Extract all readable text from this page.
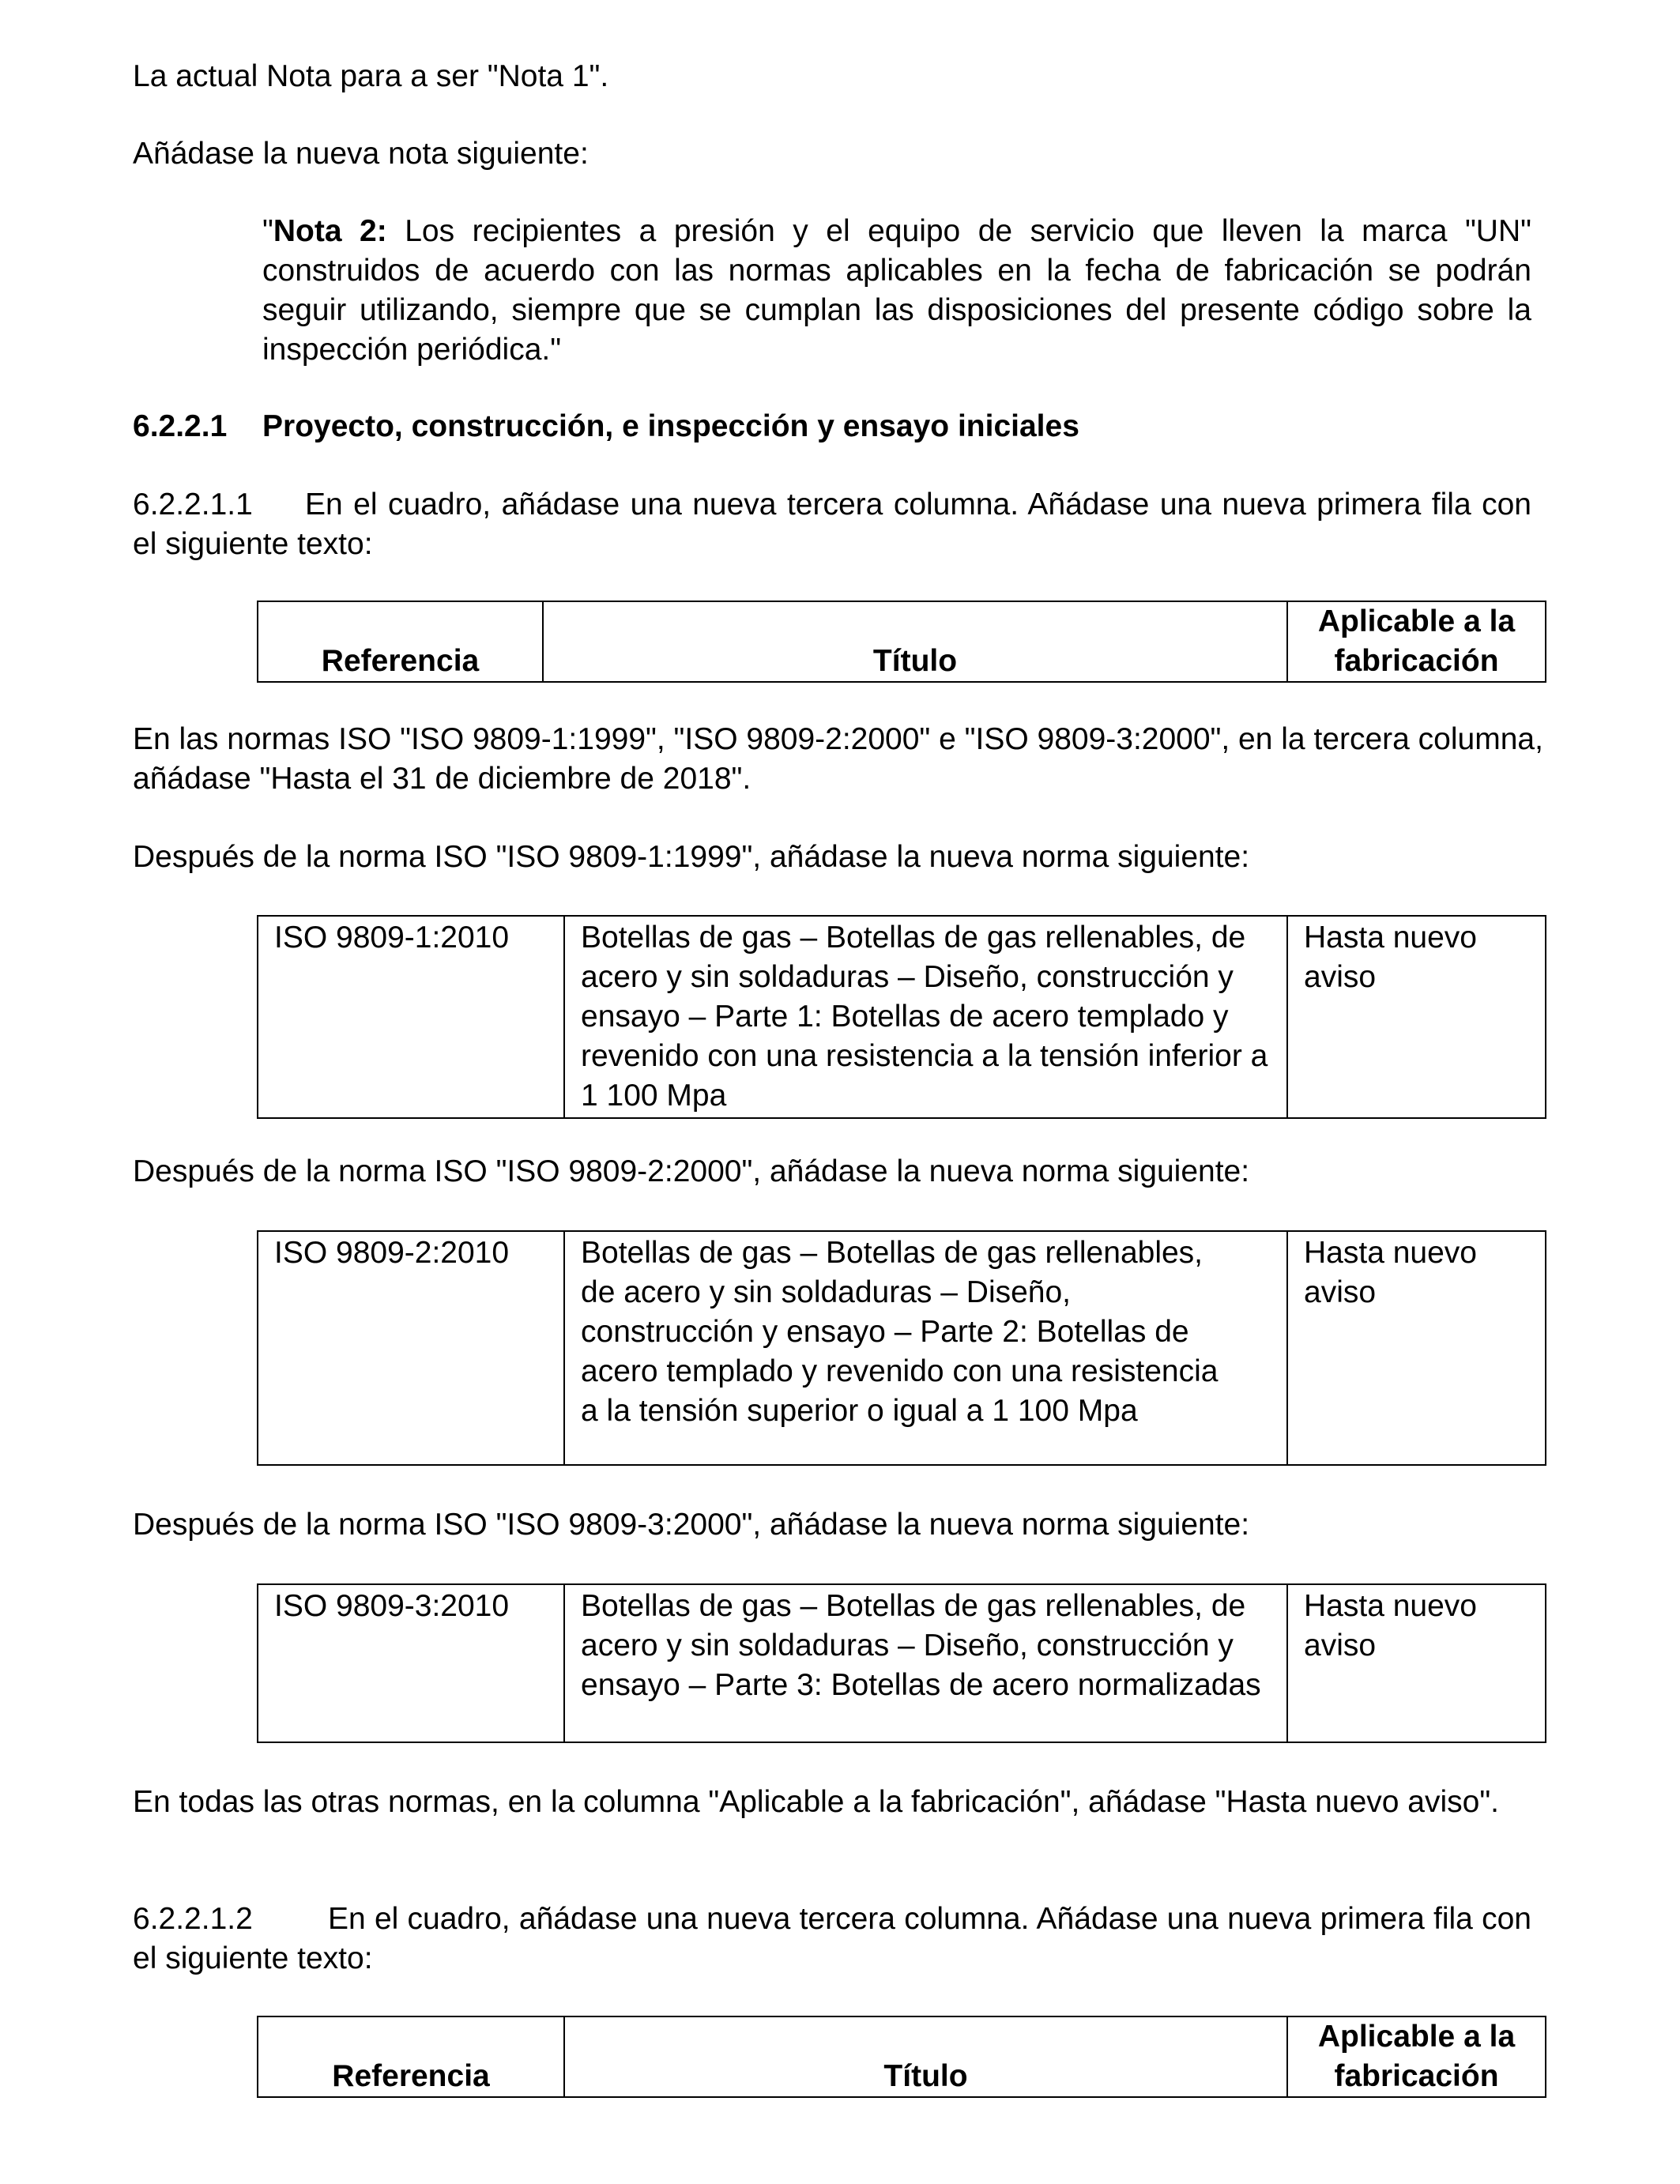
La actual Nota para a ser "Nota 1".

Añádase la nueva nota siguiente:

"Nota 2: Los recipientes a presión y el equipo de servicio que lleven la marca "UN" construidos de acuerdo con las normas aplicables en la fecha de fabricación se podrán seguir utilizando, siempre que se cumplan las disposiciones del presente código sobre la inspección periódica."

6.2.2.1 Proyecto, construcción, e inspección y ensayo iniciales

6.2.2.1.1 En el cuadro, añádase una nueva tercera columna. Añádase una nueva primera fila con el siguiente texto:

Referencia	Título	Aplicable a la fabricación

En las normas ISO "ISO 9809-1:1999", "ISO 9809-2:2000" e "ISO 9809-3:2000", en la tercera columna, añádase "Hasta el 31 de diciembre de 2018".

Después de la norma ISO "ISO 9809-1:1999", añádase la nueva norma siguiente:

ISO 9809-1:2010	Botellas de gas – Botellas de gas rellenables, de acero y sin soldaduras – Diseño, construcción y ensayo – Parte 1: Botellas de acero templado y revenido con una resistencia a la tensión inferior a 1 100 Mpa	Hasta nuevo aviso

Después de la norma ISO "ISO 9809-2:2000", añádase la nueva norma siguiente:

ISO 9809-2:2010	Botellas de gas – Botellas de gas rellenables, de acero y sin soldaduras – Diseño, construcción y ensayo – Parte 2: Botellas de acero templado y revenido con una resistencia a la tensión superior o igual a 1 100 Mpa	Hasta nuevo aviso

Después de la norma ISO "ISO 9809-3:2000", añádase la nueva norma siguiente:

ISO 9809-3:2010	Botellas de gas – Botellas de gas rellenables, de acero y sin soldaduras – Diseño, construcción y ensayo – Parte 3: Botellas de acero normalizadas	Hasta nuevo aviso

En todas las otras normas, en la columna "Aplicable a la fabricación", añádase "Hasta nuevo aviso".

6.2.2.1.2 En el cuadro, añádase una nueva tercera columna. Añádase una nueva primera fila con el siguiente texto:

Referencia	Título	Aplicable a la fabricación
